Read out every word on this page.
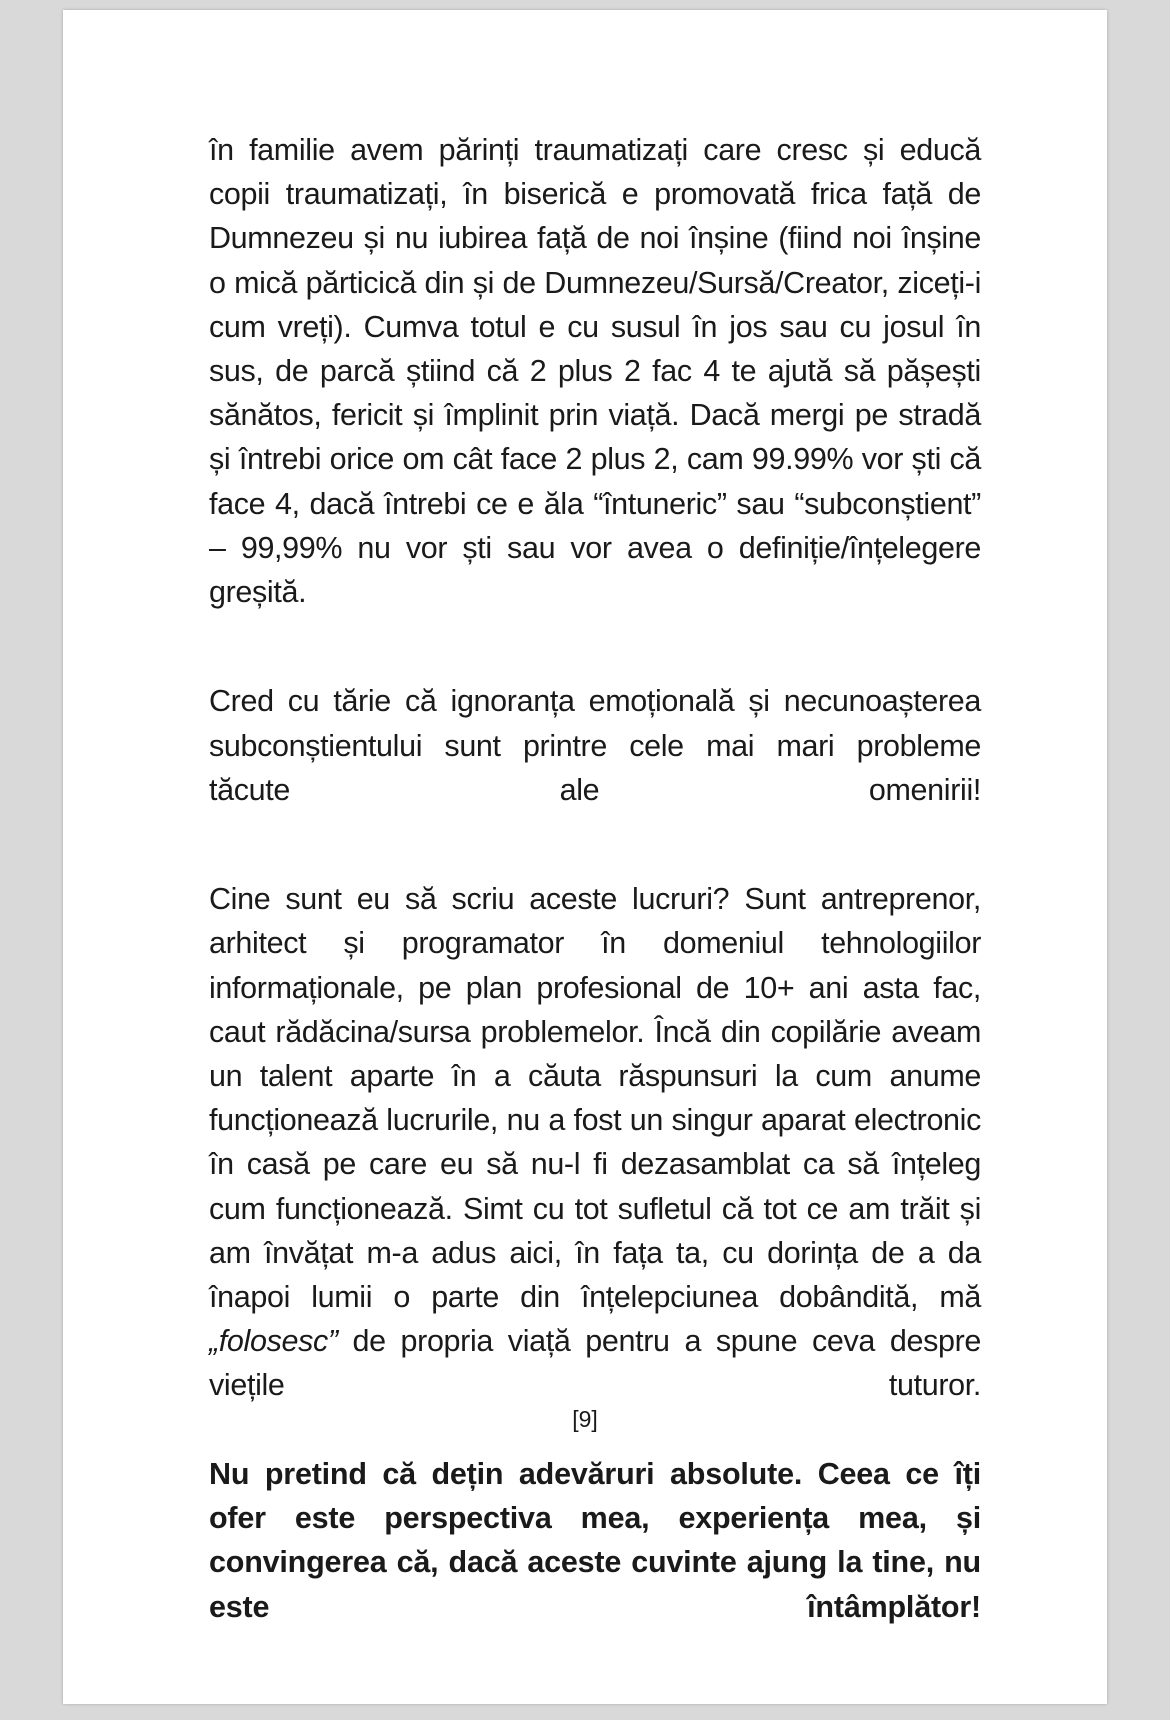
în familie avem părinți traumatizați care cresc și educă copii traumatizați, în biserică e promovată frica față de Dumnezeu și nu iubirea față de noi înșine (fiind noi înșine o mică părticică din și de Dumnezeu/Sursă/Creator, ziceți-i cum vreți). Cumva totul e cu susul în jos sau cu josul în sus, de parcă știind că 2 plus 2 fac 4 te ajută să pășești sănătos, fericit și împlinit prin viață. Dacă mergi pe stradă și întrebi orice om cât face 2 plus 2, cam 99.99% vor ști că face 4, dacă întrebi ce e ăla “întuneric” sau “subconștient” – 99,99% nu vor ști sau vor avea o definiție/înțelegere greșită.

Cred cu tărie că ignoranța emoțională și necunoașterea subconștientului sunt printre cele mai mari probleme tăcute ale omenirii!

Cine sunt eu să scriu aceste lucruri? Sunt antreprenor, arhitect și programator în domeniul tehnologiilor informaționale, pe plan profesional de 10+ ani asta fac, caut rădăcina/sursa problemelor. Încă din copilărie aveam un talent aparte în a căuta răspunsuri la cum anume funcționează lucrurile, nu a fost un singur aparat electronic în casă pe care eu să nu-l fi dezasamblat ca să înțeleg cum funcționează. Simt cu tot sufletul că tot ce am trăit și am învățat m-a adus aici, în fața ta, cu dorința de a da înapoi lumii o parte din înțelepciunea dobândită, mă „folosesc” de propria viață pentru a spune ceva despre viețile tuturor.

Nu pretind că dețin adevăruri absolute. Ceea ce îți ofer este perspectiva mea, experiența mea, și convingerea că, dacă aceste cuvinte ajung la tine, nu este întâmplător!

[9]
